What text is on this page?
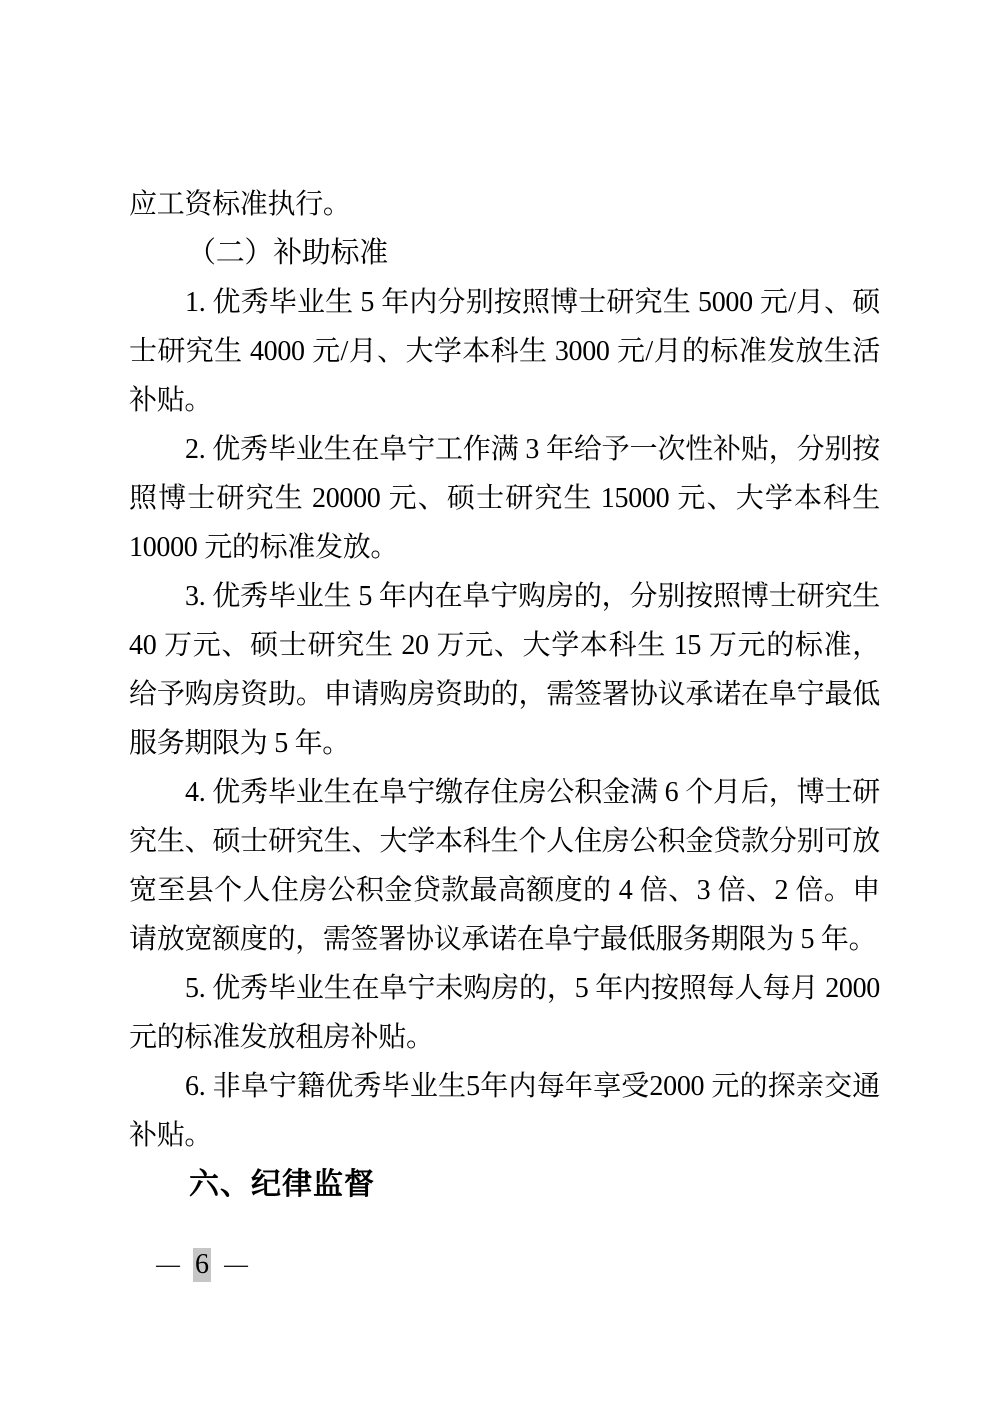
应工资标准执行。

（二）补助标准

1. 优秀毕业生 5 年内分别按照博士研究生 5000 元/月、硕士研究生 4000 元/月、大学本科生 3000 元/月的标准发放生活补贴。

2. 优秀毕业生在阜宁工作满 3 年给予一次性补贴，分别按照博士研究生 20000 元、硕士研究生 15000 元、大学本科生 10000 元的标准发放。

3. 优秀毕业生 5 年内在阜宁购房的，分别按照博士研究生 40 万元、硕士研究生 20 万元、大学本科生 15 万元的标准，给予购房资助。申请购房资助的，需签署协议承诺在阜宁最低服务期限为 5 年。

4. 优秀毕业生在阜宁缴存住房公积金满 6 个月后，博士研究生、硕士研究生、大学本科生个人住房公积金贷款分别可放宽至县个人住房公积金贷款最高额度的 4 倍、3 倍、2 倍。申请放宽额度的，需签署协议承诺在阜宁最低服务期限为 5 年。

5. 优秀毕业生在阜宁未购房的，5 年内按照每人每月 2000 元的标准发放租房补贴。

6. 非阜宁籍优秀毕业生5年内每年享受2000 元的探亲交通补贴。

六、纪律监督

— 6 —
